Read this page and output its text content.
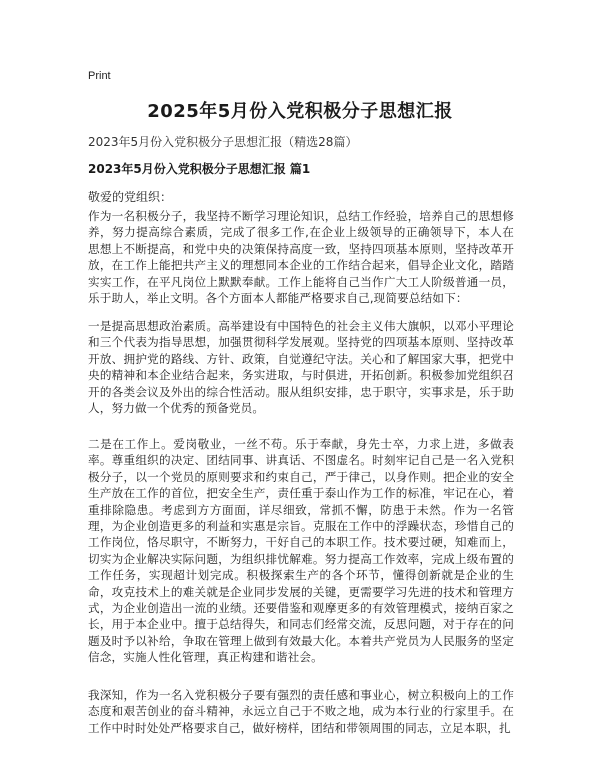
Print
2025年5月份入党积极分子思想汇报
2023年5月份入党积极分子思想汇报（精选28篇）
2023年5月份入党积极分子思想汇报 篇1
敬爱的党组织：

作为一名积极分子，我坚持不断学习理论知识，总结工作经验，培养自己的思想修养，努力提高综合素质，完成了很多工作,在企业上级领导的正确领导下，本人在思想上不断提高，和党中央的决策保持高度一致，坚持四项基本原则，坚持改革开放，在工作上能把共产主义的理想同本企业的工作结合起来，倡导企业文化，踏踏实实工作，在平凡岗位上默默奉献。工作上能将自己当作广大工人阶级普通一员，乐于助人，举止文明。各个方面本人都能严格要求自己,现简要总结如下：

一是提高思想政治素质。高举建设有中国特色的社会主义伟大旗帜，以邓小平理论和三个代表为指导思想，加强贯彻科学发展观。坚持党的四项基本原则、坚持改革开放、拥护党的路线、方针、政策，自觉遵纪守法。关心和了解国家大事，把党中央的精神和本企业结合起来，务实进取，与时俱进，开拓创新。积极参加党组织召开的各类会议及外出的综合性活动。服从组织安排，忠于职守，实事求是，乐于助人，努力做一个优秀的预备党员。

二是在工作上。爱岗敬业，一丝不苟。乐于奉献，身先士卒，力求上进，多做表率。尊重组织的决定、团结同事、讲真话、不图虚名。时刻牢记自己是一名入党积极分子，以一个党员的原则要求和约束自己，严于律己，以身作则。把企业的安全生产放在工作的首位，把安全生产，责任重于泰山作为工作的标准，牢记在心，着重排除隐患。考虑到方方面面，详尽细致，常抓不懈，防患于未然。作为一名管理，为企业创造更多的利益和实惠是宗旨。克服在工作中的浮躁状态，珍惜自己的工作岗位，恪尽职守，不断努力，干好自己的本职工作。技术要过硬，知难而上，切实为企业解决实际问题，为组织排忧解难。努力提高工作效率，完成上级布置的工作任务，实现超计划完成。积极探索生产的各个环节，懂得创新就是企业的生命，攻克技术上的难关就是企业同步发展的关键，更需要学习先进的技术和管理方式，为企业创造出一流的业绩。还要借鉴和观摩更多的有效管理模式，接纳百家之长，用于本企业中。擅于总结得失，和同志们经常交流，反思问题，对于存在的问题及时予以补给，争取在管理上做到有效最大化。本着共产党员为人民服务的坚定信念，实施人性化管理，真正构建和谐社会。

我深知，作为一名入党积极分子要有强烈的责任感和事业心，树立积极向上的工作态度和艰苦创业的奋斗精神，永远立自己于不败之地，成为本行业的行家里手。在工作中时时处处严格要求自己，做好榜样，团结和带领周围的同志，立足本职，扎
